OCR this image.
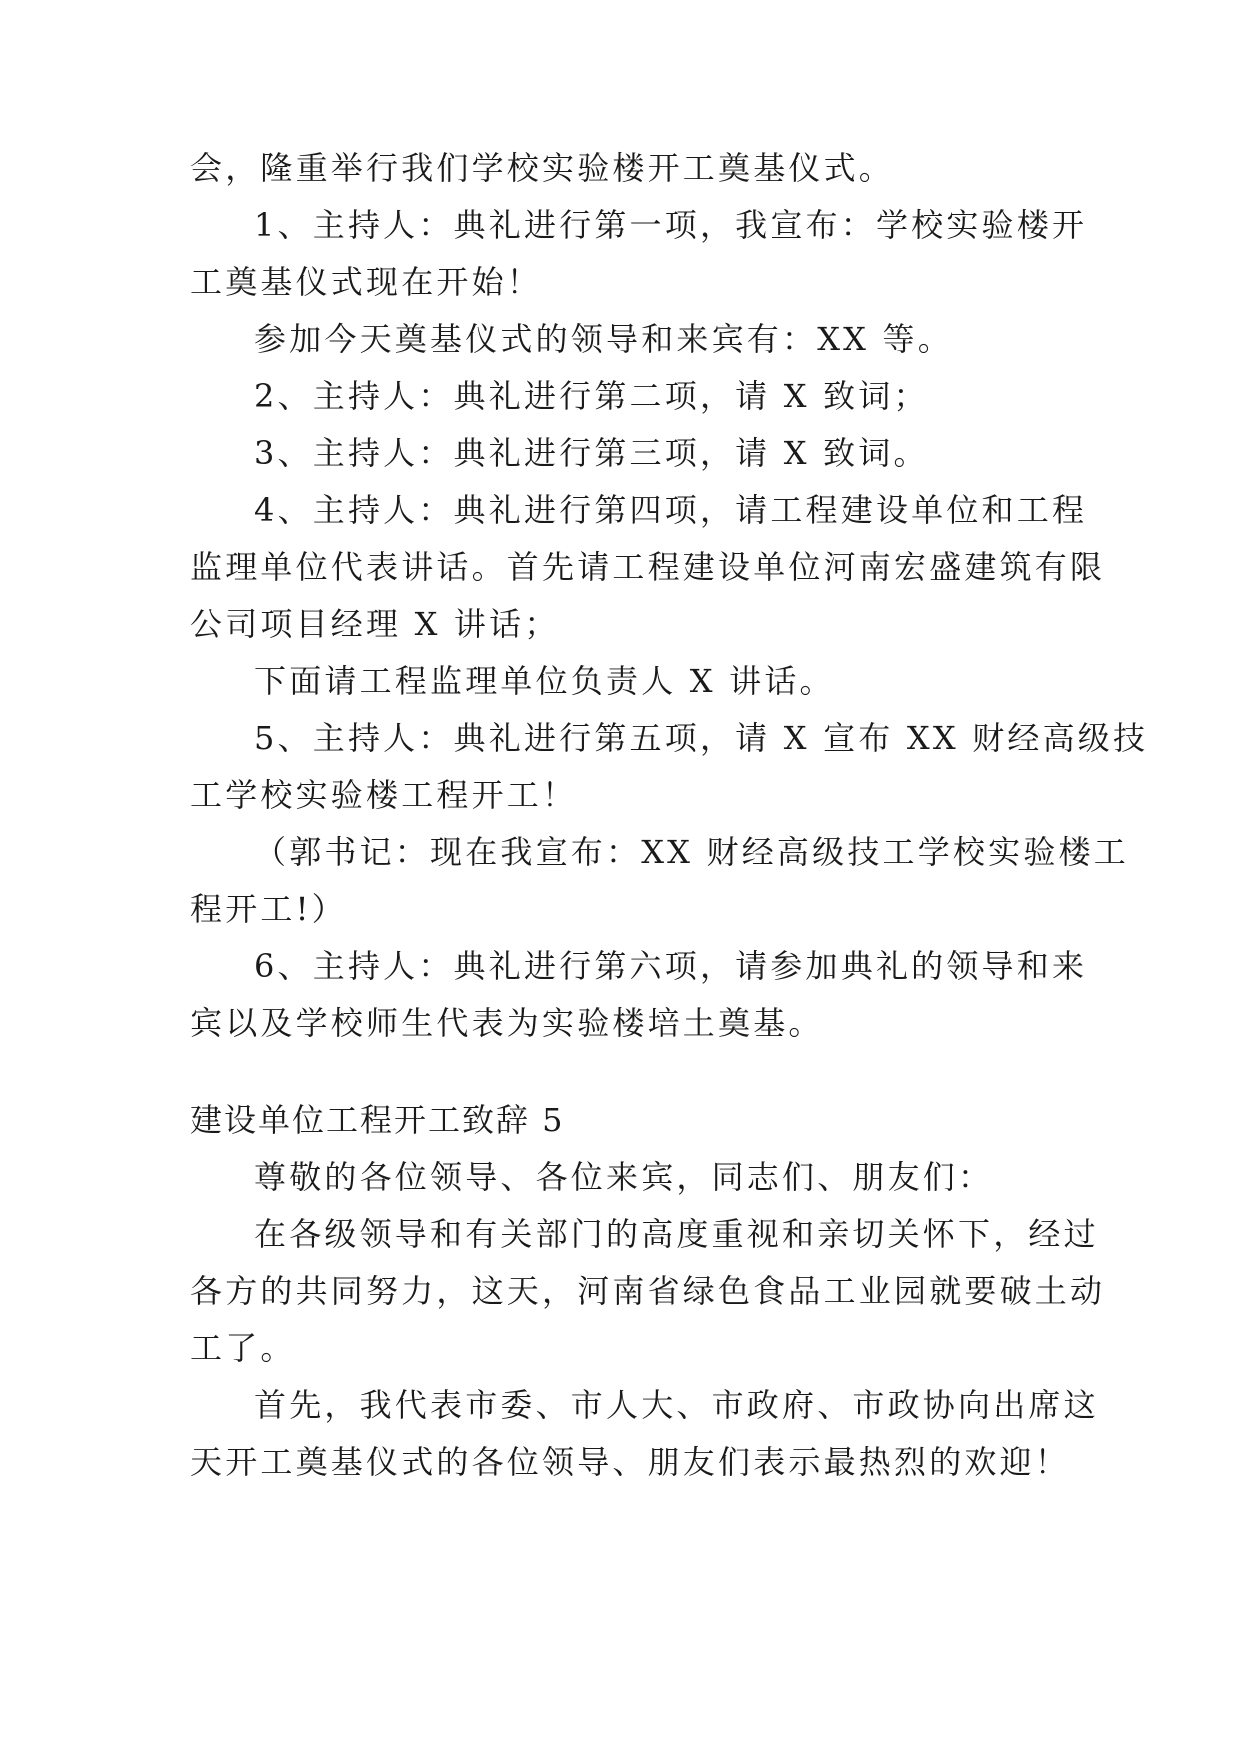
会，隆重举行我们学校实验楼开工奠基仪式。
1、主持人：典礼进行第一项，我宣布：学校实验楼开
工奠基仪式现在开始！
参加今天奠基仪式的领导和来宾有：XX 等。
2、主持人：典礼进行第二项，请 X 致词；
3、主持人：典礼进行第三项，请 X 致词。
4、主持人：典礼进行第四项，请工程建设单位和工程
监理单位代表讲话。首先请工程建设单位河南宏盛建筑有限
公司项目经理 X 讲话；
下面请工程监理单位负责人 X 讲话。
5、主持人：典礼进行第五项，请 X 宣布 XX 财经高级技
工学校实验楼工程开工！
（郭书记：现在我宣布：XX 财经高级技工学校实验楼工
程开工!）
6、主持人：典礼进行第六项，请参加典礼的领导和来
宾以及学校师生代表为实验楼培土奠基。
建设单位工程开工致辞 5
尊敬的各位领导、各位来宾，同志们、朋友们：
在各级领导和有关部门的高度重视和亲切关怀下，经过
各方的共同努力，这天，河南省绿色食品工业园就要破土动
工了。
首先，我代表市委、市人大、市政府、市政协向出席这
天开工奠基仪式的各位领导、朋友们表示最热烈的欢迎！
